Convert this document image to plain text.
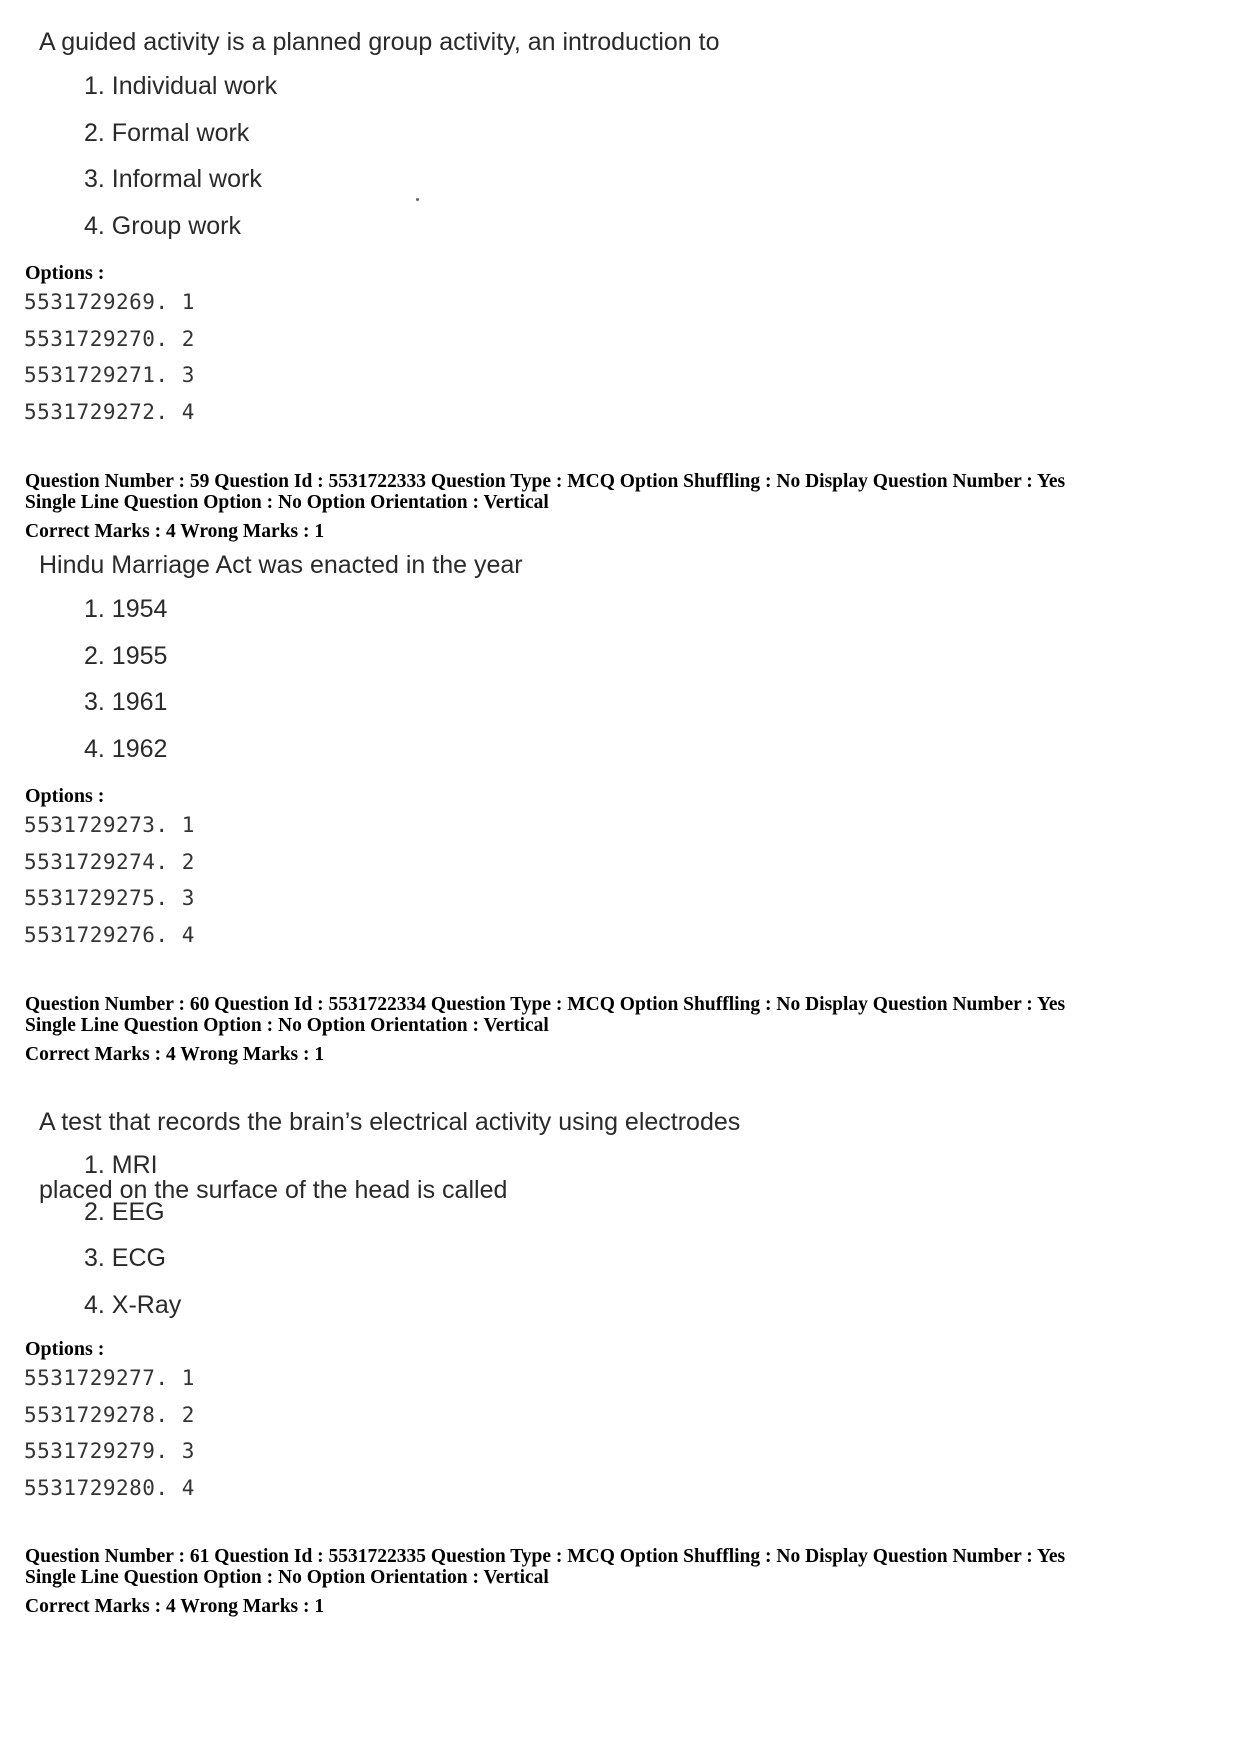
A guided activity is a planned group activity, an introduction to
1. Individual work
2. Formal work
3. Informal work
4. Group work
Options :
5531729269. 1
5531729270. 2
5531729271. 3
5531729272. 4
Question Number : 59 Question Id : 5531722333 Question Type : MCQ Option Shuffling : No Display Question Number : Yes
Single Line Question Option : No Option Orientation : Vertical
Correct Marks : 4 Wrong Marks : 1
Hindu Marriage Act was enacted in the year
1. 1954
2. 1955
3. 1961
4. 1962
Options :
5531729273. 1
5531729274. 2
5531729275. 3
5531729276. 4
Question Number : 60 Question Id : 5531722334 Question Type : MCQ Option Shuffling : No Display Question Number : Yes
Single Line Question Option : No Option Orientation : Vertical
Correct Marks : 4 Wrong Marks : 1

A test that records the brain’s electrical activity using electrodes

placed on the surface of the head is called

1. MRI
2. EEG
3. ECG
4. X-Ray
Options :
5531729277. 1
5531729278. 2
5531729279. 3
5531729280. 4
Question Number : 61 Question Id : 5531722335 Question Type : MCQ Option Shuffling : No Display Question Number : Yes
Single Line Question Option : No Option Orientation : Vertical
Correct Marks : 4 Wrong Marks : 1
